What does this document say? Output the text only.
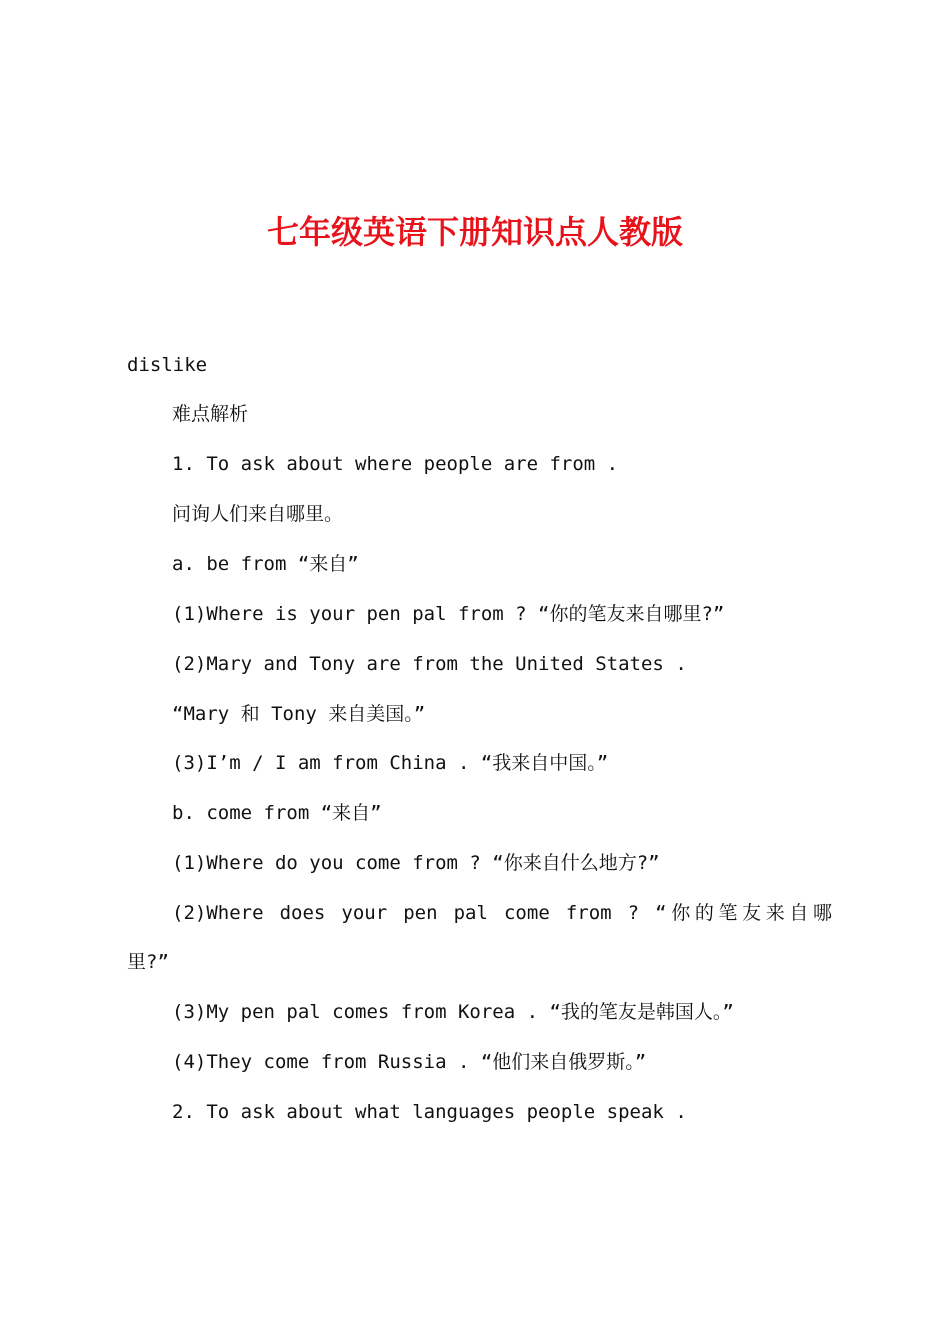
七年级英语下册知识点人教版

dislike

难点解析

1. To ask about where people are from .

问询人们来自哪里。

a. be from “来自”

(1)Where is your pen pal from ? “你的笔友来自哪里?”

(2)Mary and Tony are from the United States .

“Mary 和 Tony 来自美国。”

(3)I’m / I am from China . “我来自中国。”

b. come from “来自”

(1)Where do you come from ? “你来自什么地方?”

(2)Where does your pen pal come from ? “你的笔友来自哪

里?”

(3)My pen pal comes from Korea . “我的笔友是韩国人。”

(4)They come from Russia . “他们来自俄罗斯。”

2. To ask about what languages people speak .
